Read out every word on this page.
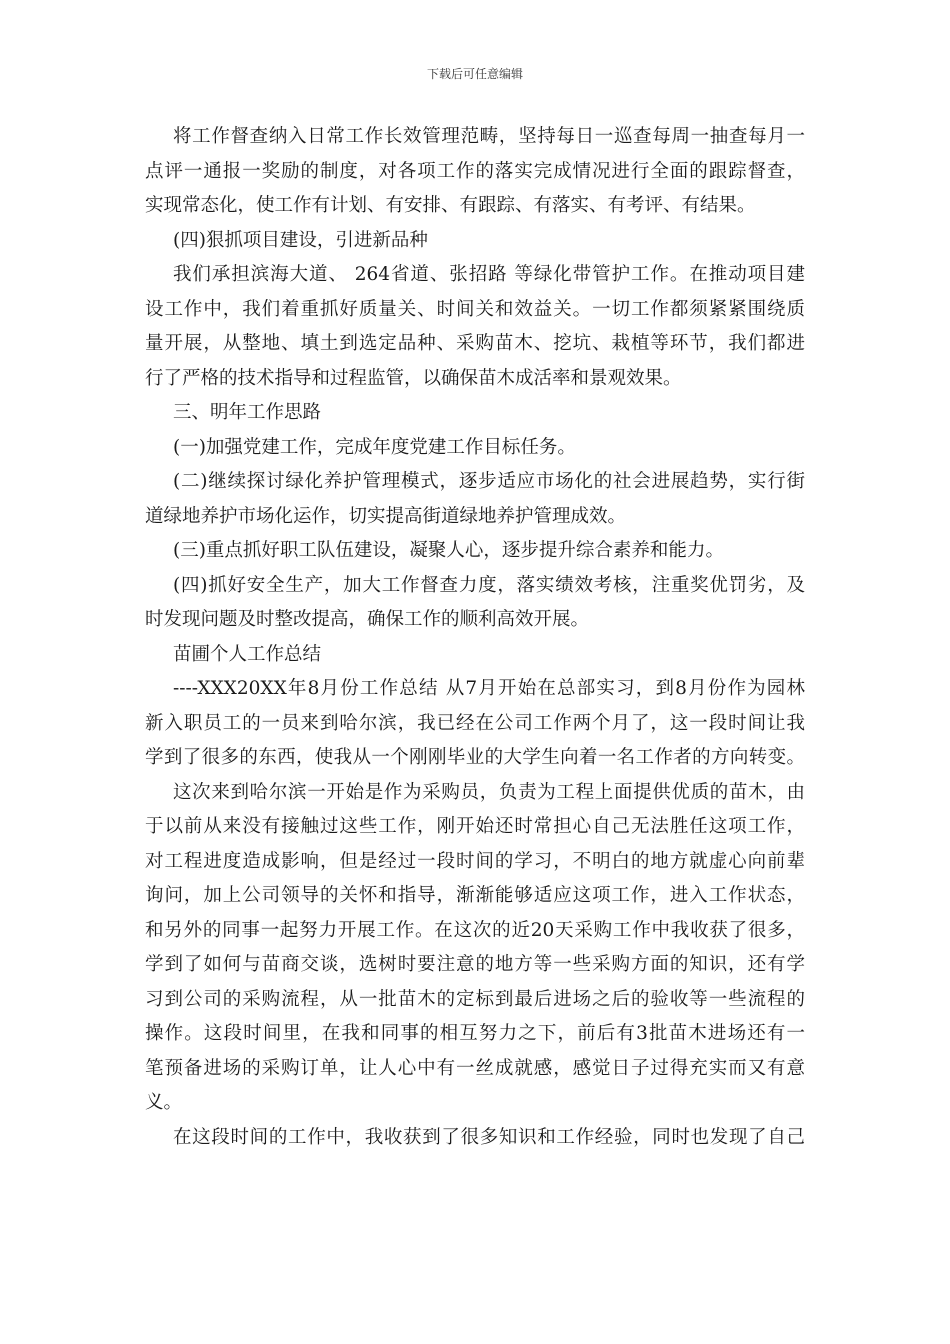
下载后可任意编辑
将工作督查纳入日常工作长效管理范畴，坚持每日一巡查每周一抽查每月一
点评一通报一奖励的制度，对各项工作的落实完成情况进行全面的跟踪督查，
实现常态化，使工作有计划、有安排、有跟踪、有落实、有考评、有结果。
(四)狠抓项目建设，引进新品种
我们承担滨海大道、 264省道、张招路 等绿化带管护工作。在推动项目建
设工作中，我们着重抓好质量关、时间关和效益关。一切工作都须紧紧围绕质
量开展，从整地、填土到选定品种、采购苗木、挖坑、栽植等环节，我们都进
行了严格的技术指导和过程监管，以确保苗木成活率和景观效果。
三、明年工作思路
(一)加强党建工作，完成年度党建工作目标任务。
(二)继续探讨绿化养护管理模式，逐步适应市场化的社会进展趋势，实行街
道绿地养护市场化运作，切实提高街道绿地养护管理成效。
(三)重点抓好职工队伍建设，凝聚人心，逐步提升综合素养和能力。
(四)抓好安全生产，加大工作督查力度，落实绩效考核，注重奖优罚劣，及
时发现问题及时整改提高，确保工作的顺利高效开展。
苗圃个人工作总结
----XXX20XX年8月份工作总结 从7月开始在总部实习，到8月份作为园林
新入职员工的一员来到哈尔滨，我已经在公司工作两个月了，这一段时间让我
学到了很多的东西，使我从一个刚刚毕业的大学生向着一名工作者的方向转变。
这次来到哈尔滨一开始是作为采购员，负责为工程上面提供优质的苗木，由
于以前从来没有接触过这些工作，刚开始还时常担心自己无法胜任这项工作，
对工程进度造成影响，但是经过一段时间的学习，不明白的地方就虚心向前辈
询问，加上公司领导的关怀和指导，渐渐能够适应这项工作，进入工作状态，
和另外的同事一起努力开展工作。在这次的近20天采购工作中我收获了很多，
学到了如何与苗商交谈，选树时要注意的地方等一些采购方面的知识，还有学
习到公司的采购流程，从一批苗木的定标到最后进场之后的验收等一些流程的
操作。这段时间里，在我和同事的相互努力之下，前后有3批苗木进场还有一
笔预备进场的采购订单，让人心中有一丝成就感，感觉日子过得充实而又有意
义。
在这段时间的工作中，我收获到了很多知识和工作经验，同时也发现了自己
